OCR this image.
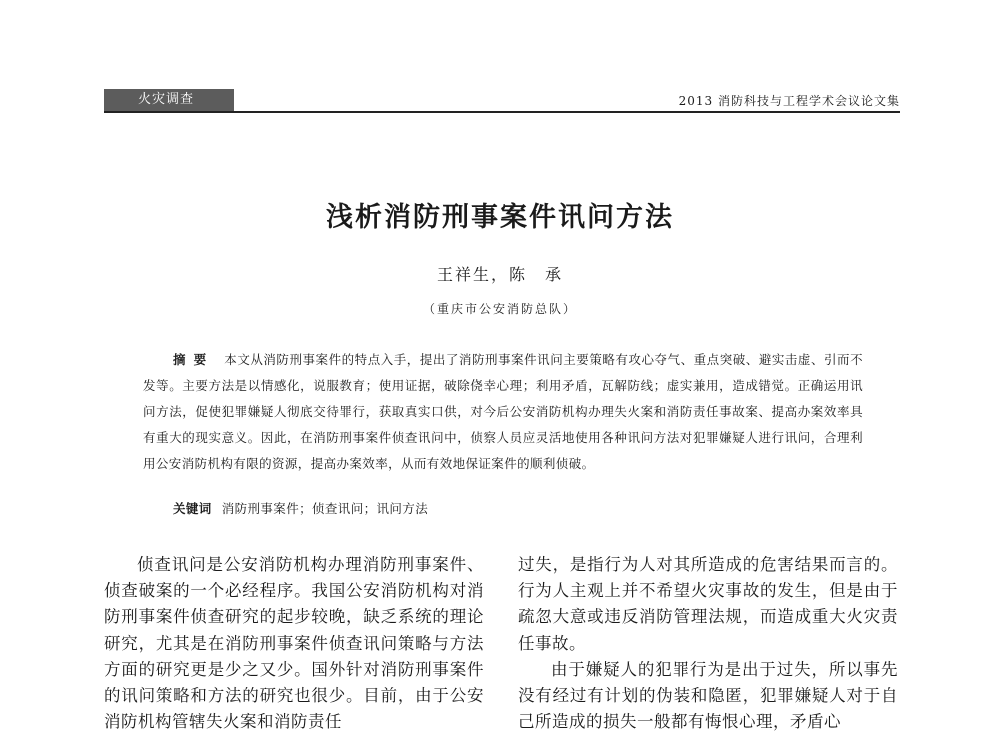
火灾调查	2013 消防科技与工程学术会议论文集
浅析消防刑事案件讯问方法
王祥生，陈　承
（重庆市公安消防总队）
摘要 本文从消防刑事案件的特点入手，提出了消防刑事案件讯问主要策略有攻心夺气、重点突破、避实击虚、引而不发等。主要方法是以情感化，说服教育；使用证据，破除侥幸心理；利用矛盾，瓦解防线；虚实兼用，造成错觉。正确运用讯问方法，促使犯罪嫌疑人彻底交待罪行，获取真实口供，对今后公安消防机构办理失火案和消防责任事故案、提高办案效率具有重大的现实意义。因此，在消防刑事案件侦查讯问中，侦察人员应灵活地使用各种讯问方法对犯罪嫌疑人进行讯问，合理利用公安消防机构有限的资源，提高办案效率，从而有效地保证案件的顺利侦破。
关键词 消防刑事案件；侦查讯问；讯问方法

侦查讯问是公安消防机构办理消防刑事案件、侦查破案的一个必经程序。我国公安消防机构对消防刑事案件侦查研究的起步较晚，缺乏系统的理论研究，尤其是在消防刑事案件侦查讯问策略与方法方面的研究更是少之又少。国外针对消防刑事案件的讯问策略和方法的研究也很少。目前，由于公安消防机构管辖失火案和消防责任

过失，是指行为人对其所造成的危害结果而言的。行为人主观上并不希望火灾事故的发生，但是由于疏忽大意或违反消防管理法规，而造成重大火灾责任事故。

由于嫌疑人的犯罪行为是出于过失，所以事先没有经过有计划的伪装和隐匿，犯罪嫌疑人对于自己所造成的损失一般都有悔恨心理，矛盾心
